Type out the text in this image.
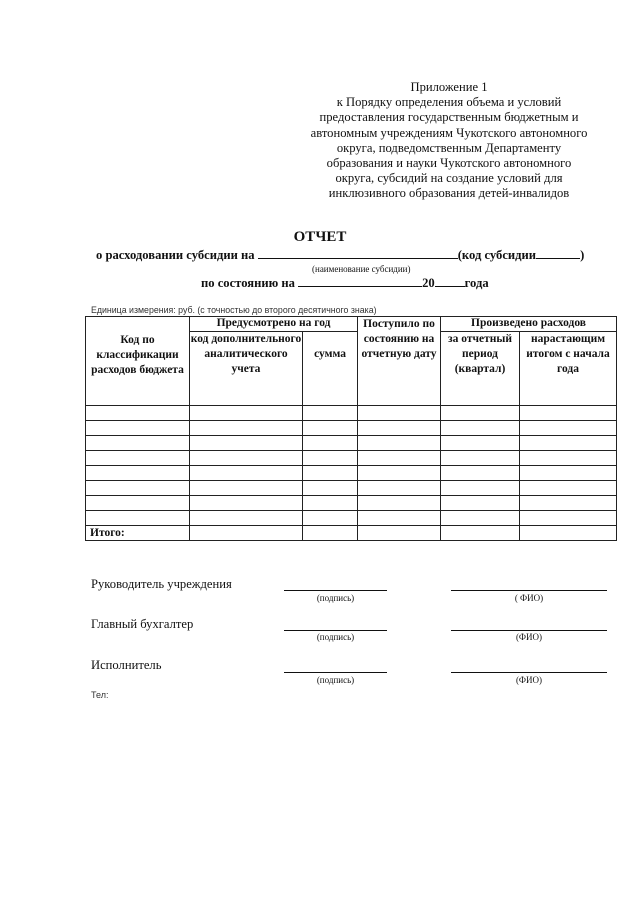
Приложение 1
к Порядку определения объема и условий
предоставления государственным бюджетным и
автономным учреждениям Чукотского автономного
округа, подведомственным Департаменту
образования и науки Чукотского автономного
округа, субсидий на создание условий для
инклюзивного образования детей-инвалидов
ОТЧЕТ
о расходовании субсидии на	(код субсидии	)
(наименование субсидии)
по состоянию на	20 года
Единица измерения: руб. (с точностью до второго десятичного знака)
Код по классификации расходов бюджета	Предусмотрено на год		Поступило по состоянию на отчетную дату	Произведено расходов	
	код дополнительного аналитического учета	сумма		за отчетный период (квартал)	нарастающим итогом с начала года

Итого:					
Руководитель учреждения
(подпись)	( ФИО)
Главный бухгалтер
(подпись)	(ФИО)
Исполнитель
(подпись)	(ФИО)
Тел:
